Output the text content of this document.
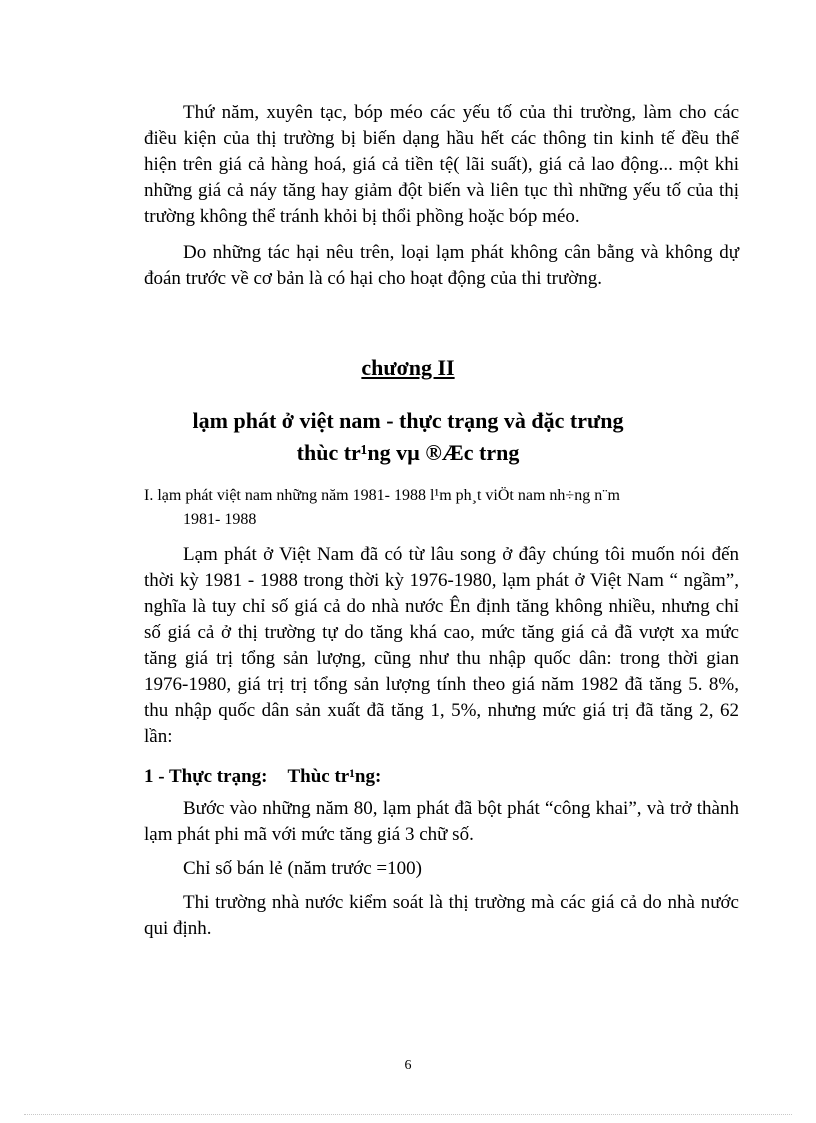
Thứ năm, xuyên tạc, bóp méo các yếu tố của thi trường, làm cho các điều kiện của thị trường bị biến dạng hầu hết các thông tin kinh tế đều thể hiện trên giá cả hàng hoá, giá cả tiền tệ( lãi suất), giá cả lao động... một khi những giá cả náy tăng hay giảm đột biến và liên tục thì những yếu tố của thị trường không thể tránh khỏi bị thổi phồng hoặc bóp méo.

Do những tác hại nêu trên, loại lạm phát không cân bằng và không dự đoán trước về cơ bản là có hại cho hoạt động của thi trường.

chương II
lạm phát ở việt nam - thực trạng và đặc trưng
thùc tr¹ng vµ ®Æc trng

I. lạm phát việt nam những năm 1981- 1988 l¹m ph¸t viÖt nam nh÷ng n¨m
1981- 1988

Lạm phát ở Việt Nam đã có từ lâu song ở đây chúng tôi muốn nói đến thời kỳ 1981 - 1988 trong thời kỳ 1976-1980, lạm phát ở Việt Nam “ ngầm”, nghĩa là tuy chỉ số giá cả do nhà nước Ên định tăng không nhiều, nhưng chỉ số giá cả ở thị trường tự do tăng khá cao, mức tăng giá cả đã vượt xa mức tăng giá trị tổng sản lượng, cũng như thu nhập quốc dân: trong thời gian 1976-1980, giá trị trị tổng sản lượng tính theo giá năm 1982 đã tăng 5. 8%, thu nhập quốc dân sản xuất đã tăng 1, 5%, nhưng mức giá trị đã tăng 2, 62 lần:

1 - Thực trạng: Thùc tr¹ng:

Bước vào những năm 80, lạm phát đã bột phát “công khai”, và trở thành lạm phát phi mã với mức tăng giá 3 chữ số.

Chỉ số bán lẻ (năm trước =100)

Thi trường nhà nước kiểm soát là thị trường mà các giá cả do nhà nước qui định.

6
